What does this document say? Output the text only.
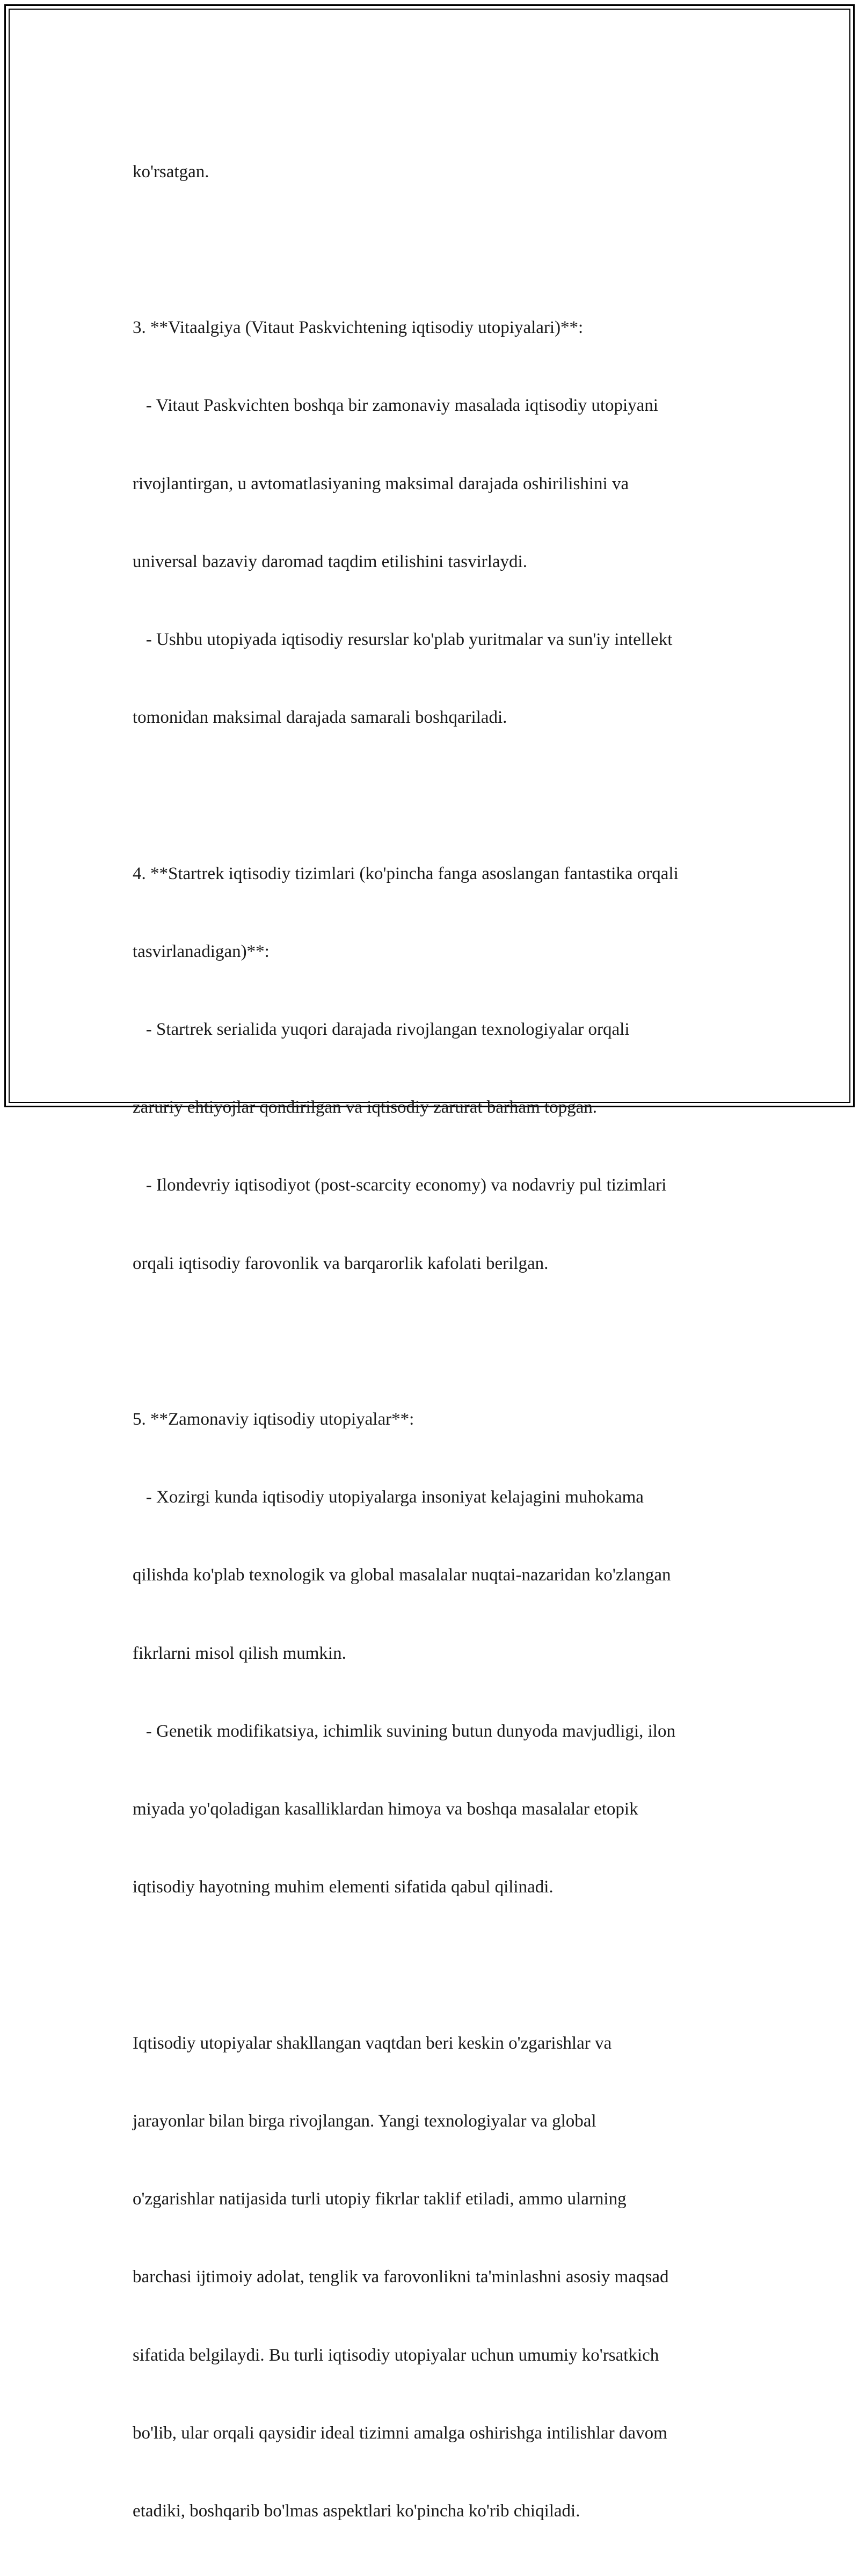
ko'rsatgan.

3. **Vitaalgiya (Vitaut Paskvichtening iqtisodiy utopiyalari)**:

- Vitaut Paskvichten boshqa bir zamonaviy masalada iqtisodiy utopiyani

rivojlantirgan, u avtomatlasiyaning maksimal darajada oshirilishini va

universal bazaviy daromad taqdim etilishini tasvirlaydi.

- Ushbu utopiyada iqtisodiy resurslar ko'plab yuritmalar va sun'iy intellekt

tomonidan maksimal darajada samarali boshqariladi.

4. **Startrek iqtisodiy tizimlari (ko'pincha fanga asoslangan fantastika orqali

tasvirlanadigan)**:

- Startrek serialida yuqori darajada rivojlangan texnologiyalar orqali

zaruriy ehtiyojlar qondirilgan va iqtisodiy zarurat barham topgan.

- Ilondevriy iqtisodiyot (post-scarcity economy) va nodavriy pul tizimlari

orqali iqtisodiy farovonlik va barqarorlik kafolati berilgan.

5. **Zamonaviy iqtisodiy utopiyalar**:

- Xozirgi kunda iqtisodiy utopiyalarga insoniyat kelajagini muhokama

qilishda ko'plab texnologik va global masalalar nuqtai-nazaridan ko'zlangan

fikrlarni misol qilish mumkin.

- Genetik modifikatsiya, ichimlik suvining butun dunyoda mavjudligi, ilon

miyada yo'qoladigan kasalliklardan himoya va boshqa masalalar etopik

iqtisodiy hayotning muhim elementi sifatida qabul qilinadi.

Iqtisodiy utopiyalar shakllangan vaqtdan beri keskin o'zgarishlar va

jarayonlar bilan birga rivojlangan. Yangi texnologiyalar va global

o'zgarishlar natijasida turli utopiy fikrlar taklif etiladi, ammo ularning

barchasi ijtimoiy adolat, tenglik va farovonlikni ta'minlashni asosiy maqsad

sifatida belgilaydi. Bu turli iqtisodiy utopiyalar uchun umumiy ko'rsatkich

bo'lib, ular orqali qaysidir ideal tizimni amalga oshirishga intilishlar davom

etadiki, boshqarib bo'lmas aspektlari ko'pincha ko'rib chiqiladi.
